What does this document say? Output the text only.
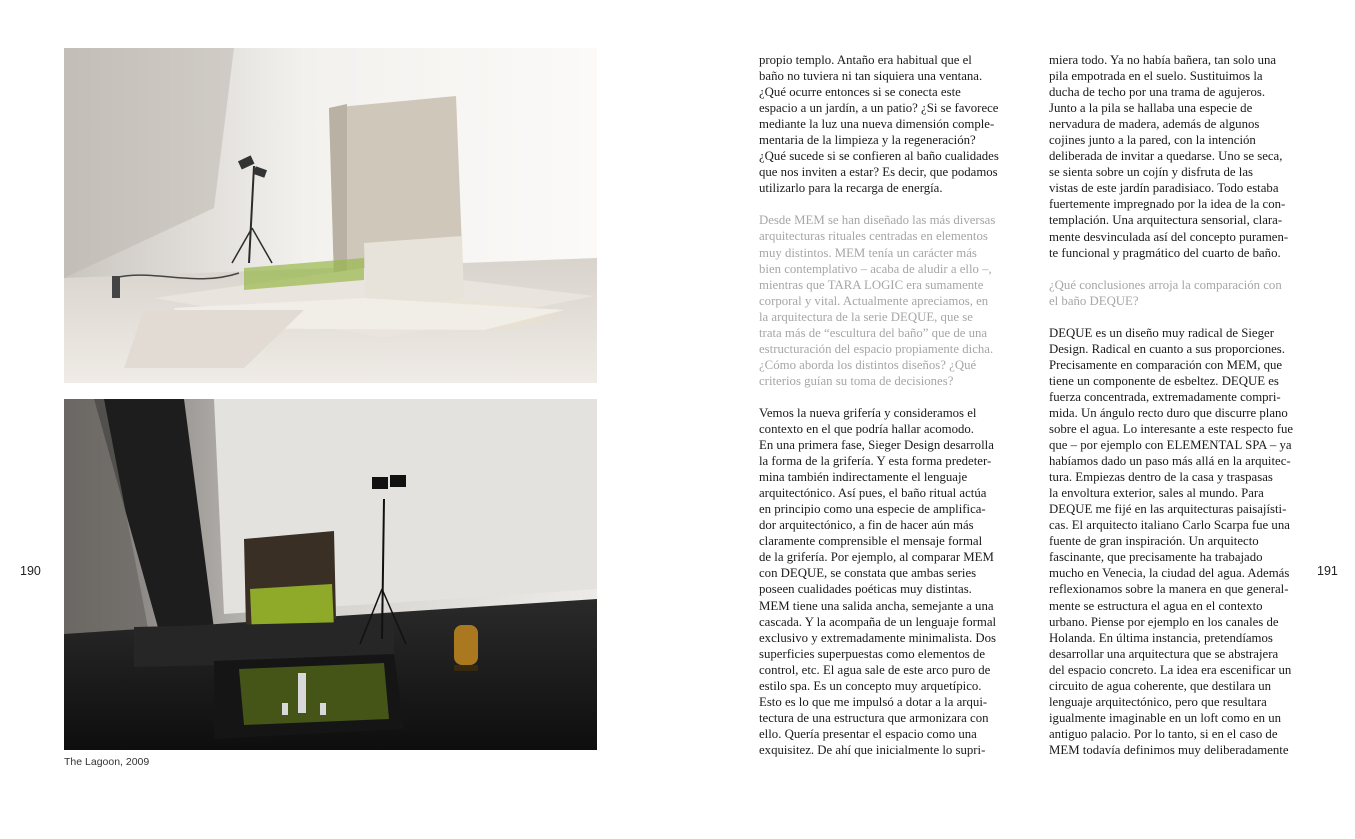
190	191
The Lagoon, 2009

propio templo. Antaño era habitual que el
baño no tuviera ni tan siquiera una ventana.
¿Qué ocurre entonces si se conecta este
espacio a un jardín, a un patio? ¿Si se favorece
mediante la luz una nueva dimensión comple-
mentaria de la limpieza y la regeneración?
¿Qué sucede si se confieren al baño cualidades
que nos inviten a estar? Es decir, que podamos
utilizarlo para la recarga de energía.

Desde MEM se han diseñado las más diversas
arquitecturas rituales centradas en elementos
muy distintos. MEM tenía un carácter más
bien contemplativo – acaba de aludir a ello –,
mientras que TARA LOGIC era sumamente
corporal y vital. Actualmente apreciamos, en
la arquitectura de la serie DEQUE, que se
trata más de “escultura del baño” que de una
estructuración del espacio propiamente dicha.
¿Cómo aborda los distintos diseños? ¿Qué
criterios guían su toma de decisiones?

Vemos la nueva grifería y consideramos el
contexto en el que podría hallar acomodo.
En una primera fase, Sieger Design desarrolla
la forma de la grifería. Y esta forma predeter-
mina también indirectamente el lenguaje
arquitectónico. Así pues, el baño ritual actúa
en principio como una especie de amplifica-
dor arquitectónico, a fin de hacer aún más
claramente comprensible el mensaje formal
de la grifería. Por ejemplo, al comparar MEM
con DEQUE, se constata que ambas series
poseen cualidades poéticas muy distintas.
MEM tiene una salida ancha, semejante a una
cascada. Y la acompaña de un lenguaje formal
exclusivo y extremadamente minimalista. Dos
superficies superpuestas como elementos de
control, etc. El agua sale de este arco puro de
estilo spa. Es un concepto muy arquetípico.
Esto es lo que me impulsó a dotar a la arqui-
tectura de una estructura que armonizara con
ello. Quería presentar el espacio como una
exquisitez. De ahí que inicialmente lo supri-

miera todo. Ya no había bañera, tan solo una
pila empotrada en el suelo. Sustituimos la
ducha de techo por una trama de agujeros.
Junto a la pila se hallaba una especie de
nervadura de madera, además de algunos
cojines junto a la pared, con la intención
deliberada de invitar a quedarse. Uno se seca,
se sienta sobre un cojín y disfruta de las
vistas de este jardín paradisiaco. Todo estaba
fuertemente impregnado por la idea de la con-
templación. Una arquitectura sensorial, clara-
mente desvinculada así del concepto puramen-
te funcional y pragmático del cuarto de baño.

¿Qué conclusiones arroja la comparación con
el baño DEQUE?

DEQUE es un diseño muy radical de Sieger
Design. Radical en cuanto a sus proporciones.
Precisamente en comparación con MEM, que
tiene un componente de esbeltez. DEQUE es
fuerza concentrada, extremadamente compri-
mida. Un ángulo recto duro que discurre plano
sobre el agua. Lo interesante a este respecto fue
que – por ejemplo con ELEMENTAL SPA – ya
habíamos dado un paso más allá en la arquitec-
tura. Empiezas dentro de la casa y traspasas
la envoltura exterior, sales al mundo. Para
DEQUE me fijé en las arquitecturas paisajísti-
cas. El arquitecto italiano Carlo Scarpa fue una
fuente de gran inspiración. Un arquitecto
fascinante, que precisamente ha trabajado
mucho en Venecia, la ciudad del agua. Además
reflexionamos sobre la manera en que general-
mente se estructura el agua en el contexto
urbano. Piense por ejemplo en los canales de
Holanda. En última instancia, pretendíamos
desarrollar una arquitectura que se abstrajera
del espacio concreto. La idea era escenificar un
circuito de agua coherente, que destilara un
lenguaje arquitectónico, pero que resultara
igualmente imaginable en un loft como en un
antiguo palacio. Por lo tanto, si en el caso de
MEM todavía definimos muy deliberadamente
